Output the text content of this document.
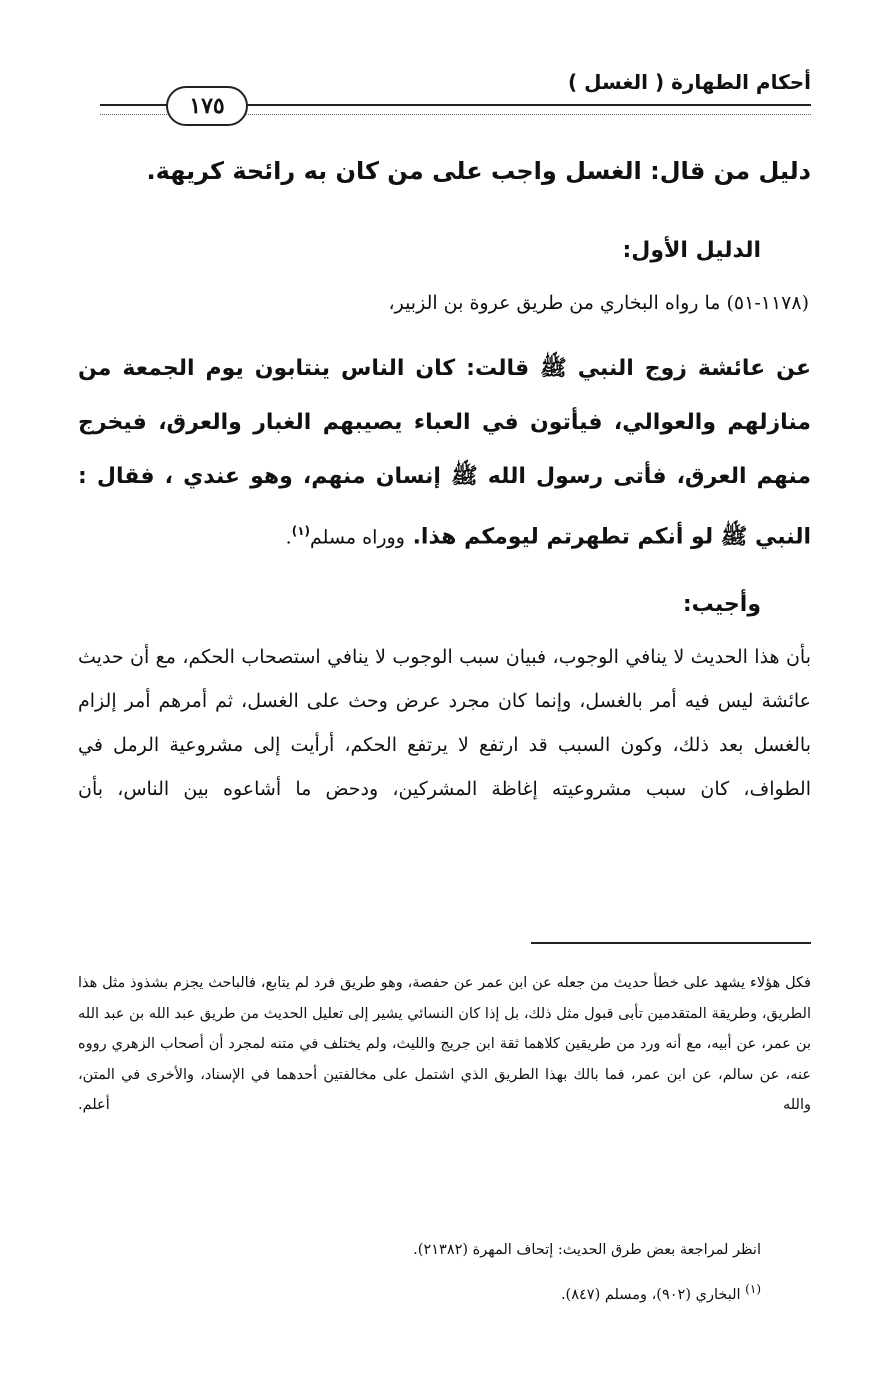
أحكام الطهارة ( الغسل )
١٧٥
دليل من قال: الغسل واجب على من كان به رائحة كريهة.
الدليل الأول:
(١١٧٨-٥١) ما رواه البخاري من طريق عروة بن الزبير،
عن عائشة زوج النبي ﷺ قالت: كان الناس ينتابون يوم الجمعة من منازلهم والعوالي، فيأتون في العباء يصيبهم الغبار والعرق، فيخرج منهم العرق، فأتى رسول الله ﷺ إنسان منهم، وهو عندي ، فقال : النبي ﷺ لو أنكم تطهرتم ليومكم هذا. ووراه مسلم$^{(١)}$.
وأجيب:
بأن هذا الحديث لا ينافي الوجوب، فبيان سبب الوجوب لا ينافي استصحاب الحكم، مع أن حديث عائشة ليس فيه أمر بالغسل، وإنما كان مجرد عرض وحث على الغسل، ثم أمرهم أمر إلزام بالغسل بعد ذلك، وكون السبب قد ارتفع لا يرتفع الحكم، أرأيت إلى مشروعية الرمل في الطواف، كان سبب مشروعيته إغاظة المشركين، ودحض ما أشاعوه بين الناس، بأن
فكل هؤلاء يشهد على خطأ حديث من جعله عن ابن عمر عن حفصة، وهو طريق فرد لم يتابع، فالباحث يجزم بشذوذ مثل هذا الطريق، وطريقة المتقدمين تأبى قبول مثل ذلك، بل إذا كان النسائي يشير إلى تعليل الحديث من طريق عبد الله بن عبد الله بن عمر، عن أبيه، مع أنه ورد من طريقين كلاهما ثقة ابن جريج والليث، ولم يختلف في متنه لمجرد أن أصحاب الزهري رووه عنه، عن سالم، عن ابن عمر، فما بالك بهذا الطريق الذي اشتمل على مخالفتين أحدهما في الإسناد، والأخرى في المتن، والله أعلم.
انظر لمراجعة بعض طرق الحديث: إتحاف المهرة (٢١٣٨٢).
$^{(١)}$ البخاري (٩٠٢)، ومسلم (٨٤٧).
